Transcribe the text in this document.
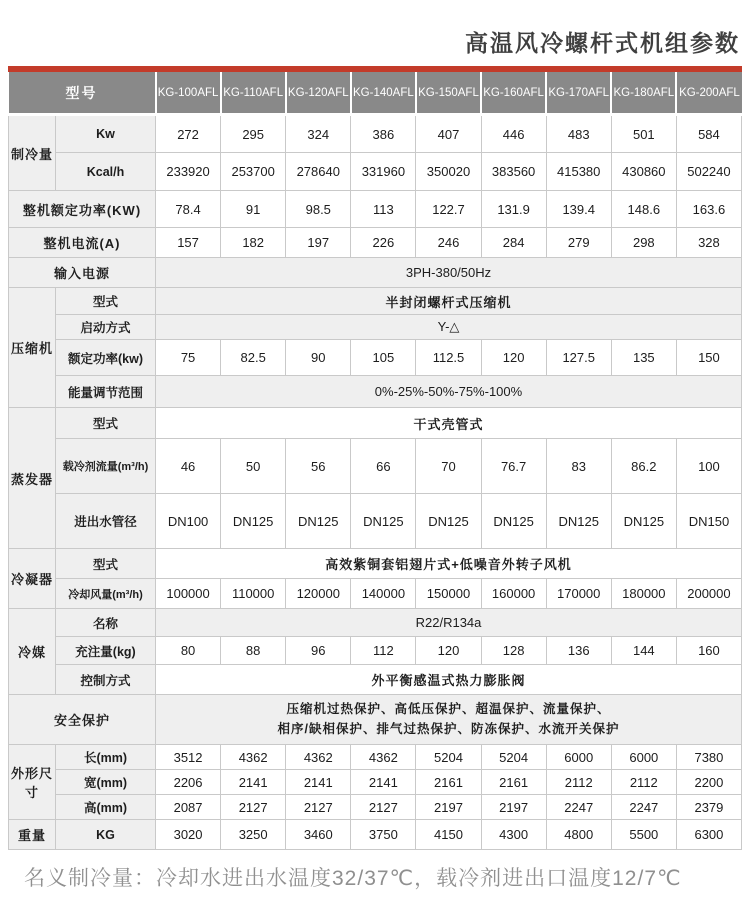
高温风冷螺杆式机组参数
型号		KG-100AFL	KG-110AFL	KG-120AFL	KG-140AFL	KG-150AFL	KG-160AFL	KG-170AFL	KG-180AFL	KG-200AFL
制冷量	Kw	272	295	324	386	407	446	483	501	584
	Kcal/h	233920	253700	278640	331960	350020	383560	415380	430860	502240
整机额定功率(KW)		78.4	91	98.5	113	122.7	131.9	139.4	148.6	163.6
整机电流(A)		157	182	197	226	246	284	279	298	328
输入电源		3PH-380/50Hz								
压缩机	型式	半封闭螺杆式压缩机								
	启动方式	Y-△								
	额定功率(kw)	75	82.5	90	105	112.5	120	127.5	135	150
	能量调节范围	0%-25%-50%-75%-100%								
蒸发器	型式	干式壳管式								
	载冷剂流量(m³/h)	46	50	56	66	70	76.7	83	86.2	100
	进出水管径	DN100	DN125	DN125	DN125	DN125	DN125	DN125	DN125	DN150
冷凝器	型式	高效紫铜套铝翅片式+低噪音外转子风机								
	冷却风量(m³/h)	100000	110000	120000	140000	150000	160000	170000	180000	200000
冷媒	名称	R22/R134a								
	充注量(kg)	80	88	96	112	120	128	136	144	160
	控制方式	外平衡感温式热力膨胀阀								
安全保护		压缩机过热保护、高低压保护、超温保护、流量保护、
相序/缺相保护、排气过热保护、防冻保护、水流开关保护								

外形尺寸	长(mm)	3512	4362	4362	4362	5204	5204	6000	6000	7380
	宽(mm)	2206	2141	2141	2141	2161	2161	2112	2112	2200
	高(mm)	2087	2127	2127	2127	2197	2197	2247	2247	2379
重量	KG	3020	3250	3460	3750	4150	4300	4800	5500	6300
名义制冷量：冷却水进出水温度32/37℃，载冷剂进出口温度12/7℃
